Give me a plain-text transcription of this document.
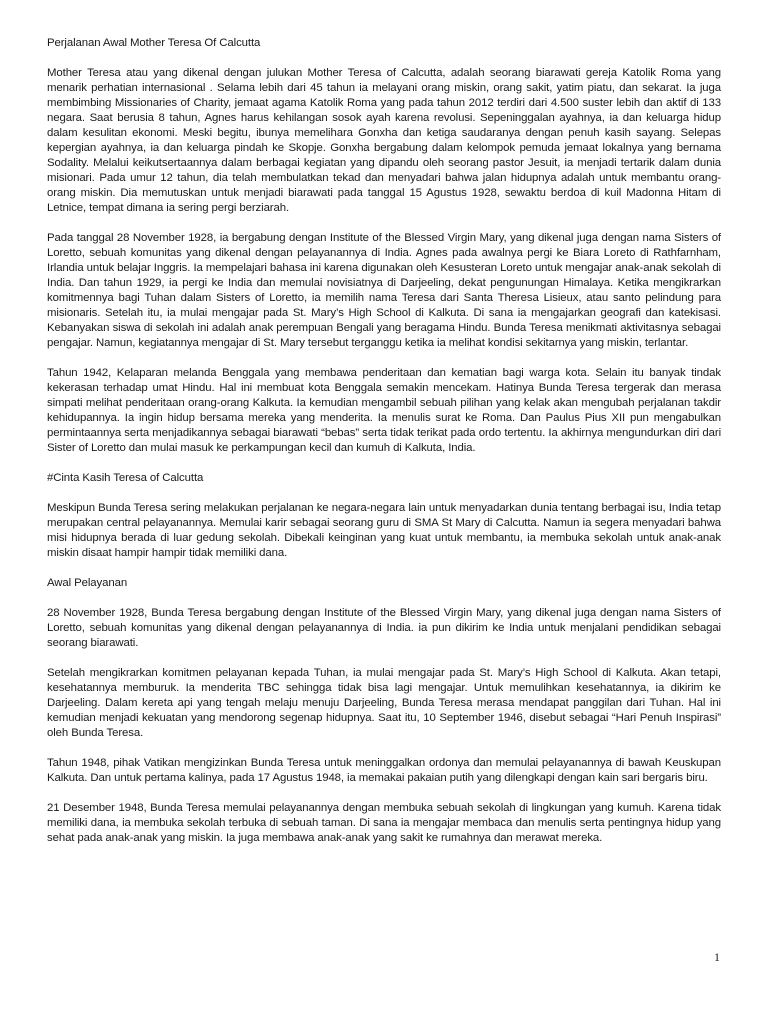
Perjalanan Awal Mother Teresa Of Calcutta

Mother Teresa atau yang dikenal dengan julukan Mother Teresa of Calcutta, adalah seorang biarawati gereja Katolik Roma yang menarik perhatian internasional . Selama lebih dari 45 tahun ia melayani orang miskin, orang sakit, yatim piatu, dan sekarat. Ia juga membimbing Missionaries of Charity, jemaat agama Katolik Roma yang pada tahun 2012 terdiri dari 4.500 suster lebih dan aktif di 133 negara. Saat berusia 8 tahun, Agnes harus kehilangan sosok ayah karena revolusi. Sepeninggalan ayahnya, ia dan keluarga hidup dalam kesulitan ekonomi. Meski begitu, ibunya memelihara Gonxha dan ketiga saudaranya dengan penuh kasih sayang. Selepas kepergian ayahnya, ia dan keluarga pindah ke Skopje. Gonxha bergabung dalam kelompok pemuda jemaat lokalnya yang bernama Sodality. Melalui keikutsertaannya dalam berbagai kegiatan yang dipandu oleh seorang pastor Jesuit, ia menjadi tertarik dalam dunia misionari. Pada umur 12 tahun, dia telah membulatkan tekad dan menyadari bahwa jalan hidupnya adalah untuk membantu orang-orang miskin. Dia memutuskan untuk menjadi biarawati pada tanggal 15 Agustus 1928, sewaktu berdoa di kuil Madonna Hitam di Letnice, tempat dimana ia sering pergi berziarah.

Pada tanggal 28 November 1928, ia bergabung dengan Institute of the Blessed Virgin Mary, yang dikenal juga dengan nama Sisters of Loretto, sebuah komunitas yang dikenal dengan pelayanannya di India. Agnes pada awalnya pergi ke Biara Loreto di Rathfarnham, Irlandia untuk belajar Inggris. Ia mempelajari bahasa ini karena digunakan oleh Kesusteran Loreto untuk mengajar anak-anak sekolah di India. Dan tahun 1929, ia pergi ke India dan memulai novisiatnya di Darjeeling, dekat pengunungan Himalaya. Ketika mengikrarkan komitmennya bagi Tuhan dalam Sisters of Loretto, ia memilih nama Teresa dari Santa Theresa Lisieux, atau santo pelindung para misionaris. Setelah itu, ia mulai mengajar pada St. Mary’s High School di Kalkuta. Di sana ia mengajarkan geografi dan katekisasi. Kebanyakan siswa di sekolah ini adalah anak perempuan Bengali yang beragama Hindu. Bunda Teresa menikmati aktivitasnya sebagai pengajar. Namun, kegiatannya mengajar di St. Mary tersebut terganggu ketika ia melihat kondisi sekitarnya yang miskin, terlantar.

Tahun 1942, Kelaparan melanda Benggala yang membawa penderitaan dan kematian bagi warga kota. Selain itu banyak tindak kekerasan terhadap umat Hindu. Hal ini membuat kota Benggala semakin mencekam. Hatinya Bunda Teresa tergerak dan merasa simpati melihat penderitaan orang-orang Kalkuta. Ia kemudian mengambil sebuah pilihan yang kelak akan mengubah perjalanan takdir kehidupannya. Ia ingin hidup bersama mereka yang menderita. Ia menulis surat ke Roma. Dan Paulus Pius XII pun mengabulkan permintaannya serta menjadikannya sebagai biarawati “bebas” serta tidak terikat pada ordo tertentu. Ia akhirnya mengundurkan diri dari Sister of Loretto dan mulai masuk ke perkampungan kecil dan kumuh di Kalkuta, India.

#Cinta Kasih Teresa of Calcutta

Meskipun Bunda Teresa sering melakukan perjalanan ke negara-negara lain untuk menyadarkan dunia tentang berbagai isu, India tetap merupakan central pelayanannya. Memulai karir sebagai seorang guru di SMA St Mary di Calcutta. Namun ia segera menyadari bahwa misi hidupnya berada di luar gedung sekolah. Dibekali keinginan yang kuat untuk membantu, ia membuka sekolah untuk anak-anak miskin disaat hampir hampir tidak memiliki dana.

Awal Pelayanan

28 November 1928, Bunda Teresa bergabung dengan Institute of the Blessed Virgin Mary, yang dikenal juga dengan nama Sisters of Loretto, sebuah komunitas yang dikenal dengan pelayanannya di India. ia pun dikirim ke India untuk menjalani pendidikan sebagai seorang biarawati.

Setelah mengikrarkan komitmen pelayanan kepada Tuhan, ia mulai mengajar pada St. Mary’s High School di Kalkuta. Akan tetapi, kesehatannya memburuk. Ia menderita TBC sehingga tidak bisa lagi mengajar. Untuk memulihkan kesehatannya, ia dikirim ke Darjeeling. Dalam kereta api yang tengah melaju menuju Darjeeling, Bunda Teresa merasa mendapat panggilan dari Tuhan. Hal ini kemudian menjadi kekuatan yang mendorong segenap hidupnya. Saat itu, 10 September 1946, disebut sebagai “Hari Penuh Inspirasi” oleh Bunda Teresa.

Tahun 1948, pihak Vatikan mengizinkan Bunda Teresa untuk meninggalkan ordonya dan memulai pelayanannya di bawah Keuskupan Kalkuta. Dan untuk pertama kalinya, pada 17 Agustus 1948, ia memakai pakaian putih yang dilengkapi dengan kain sari bergaris biru.

21 Desember 1948, Bunda Teresa memulai pelayanannya dengan membuka sebuah sekolah di lingkungan yang kumuh. Karena tidak memiliki dana, ia membuka sekolah terbuka di sebuah taman. Di sana ia mengajar membaca dan menulis serta pentingnya hidup yang sehat pada anak-anak yang miskin. Ia juga membawa anak-anak yang sakit ke rumahnya dan merawat mereka.

1
